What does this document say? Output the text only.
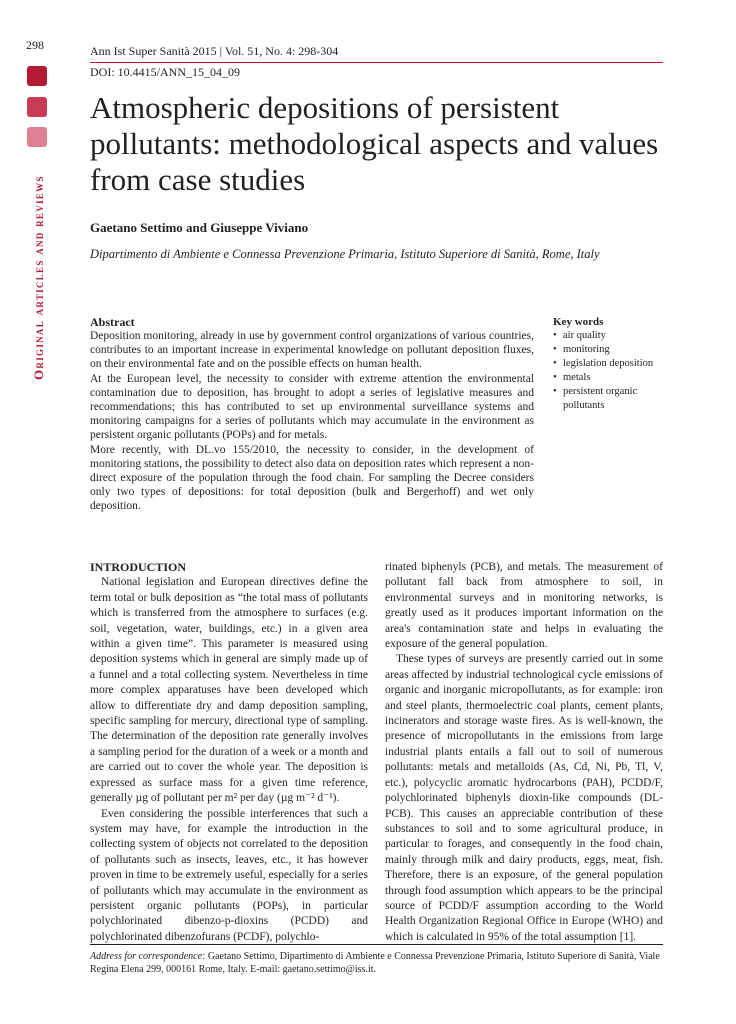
298
Original articles and reviews
Ann Ist Super Sanità 2015 | Vol. 51, No. 4: 298-304
DOI: 10.4415/ANN_15_04_09
Atmospheric depositions of persistent pollutants: methodological aspects and values from case studies
Gaetano Settimo and Giuseppe Viviano
Dipartimento di Ambiente e Connessa Prevenzione Primaria, Istituto Superiore di Sanità, Rome, Italy
Abstract

Deposition monitoring, already in use by government control organizations of various countries, contributes to an important increase in experimental knowledge on pollutant deposition fluxes, on their environmental fate and on the possible effects on human health.

At the European level, the necessity to consider with extreme attention the environmental contamination due to deposition, has brought to adopt a series of legislative measures and recommendations; this has contributed to set up environmental surveillance systems and monitoring campaigns for a series of pollutants which may accumulate in the environment as persistent organic pollutants (POPs) and for metals.

More recently, with DL.vo 155/2010, the necessity to consider, in the development of monitoring stations, the possibility to detect also data on deposition rates which represent a non-direct exposure of the population through the food chain. For sampling the Decree considers only two types of depositions: for total deposition (bulk and Bergerhoff) and wet only deposition.

Key words
• air quality
• monitoring
• legislation deposition
• metals
• persistent organic pollutants
INTRODUCTION

National legislation and European directives define the term total or bulk deposition as “the total mass of pollutants which is transferred from the atmosphere to surfaces (e.g. soil, vegetation, water, buildings, etc.) in a given area within a given time”. This parameter is measured using deposition systems which in general are simply made up of a funnel and a total collecting system. Nevertheless in time more complex apparatuses have been developed which allow to differentiate dry and damp deposition sampling, specific sampling for mercury, directional type of sampling. The determination of the deposition rate generally involves a sampling period for the duration of a week or a month and are carried out to cover the whole year. The deposition is expressed as surface mass for a given time reference, generally µg of pollutant per m² per day (µg m⁻² d⁻¹).

Even considering the possible interferences that such a system may have, for example the introduction in the collecting system of objects not correlated to the deposition of pollutants such as insects, leaves, etc., it has however proven in time to be extremely useful, especially for a series of pollutants which may accumulate in the environment as persistent organic pollutants (POPs), in particular polychlorinated dibenzo-p-dioxins (PCDD) and polychlorinated dibenzofurans (PCDF), polychlo-

rinated biphenyls (PCB), and metals. The measurement of pollutant fall back from atmosphere to soil, in environmental surveys and in monitoring networks, is greatly used as it produces important information on the area's contamination state and helps in evaluating the exposure of the general population.

These types of surveys are presently carried out in some areas affected by industrial technological cycle emissions of organic and inorganic micropollutants, as for example: iron and steel plants, thermoelectric coal plants, cement plants, incinerators and storage waste fires. As is well-known, the presence of micropollutants in the emissions from large industrial plants entails a fall out to soil of numerous pollutants: metals and metalloids (As, Cd, Ni, Pb, Tl, V, etc.), polycyclic aromatic hydrocarbons (PAH), PCDD/F, polychlorinated biphenyls dioxin-like compounds (DL-PCB). This causes an appreciable contribution of these substances to soil and to some agricultural produce, in particular to forages, and consequently in the food chain, mainly through milk and dairy products, eggs, meat, fish. Therefore, there is an exposure, of the general population through food assumption which appears to be the principal source of PCDD/F assumption according to the World Health Organization Regional Office in Europe (WHO) and which is calculated in 95% of the total assumption [1].

Address for correspondence: Gaetano Settimo, Dipartimento di Ambiente e Connessa Prevenzione Primaria, Istituto Superiore di Sanità, Viale Regina Elena 299, 000161 Rome, Italy. E-mail: gaetano.settimo@iss.it.
